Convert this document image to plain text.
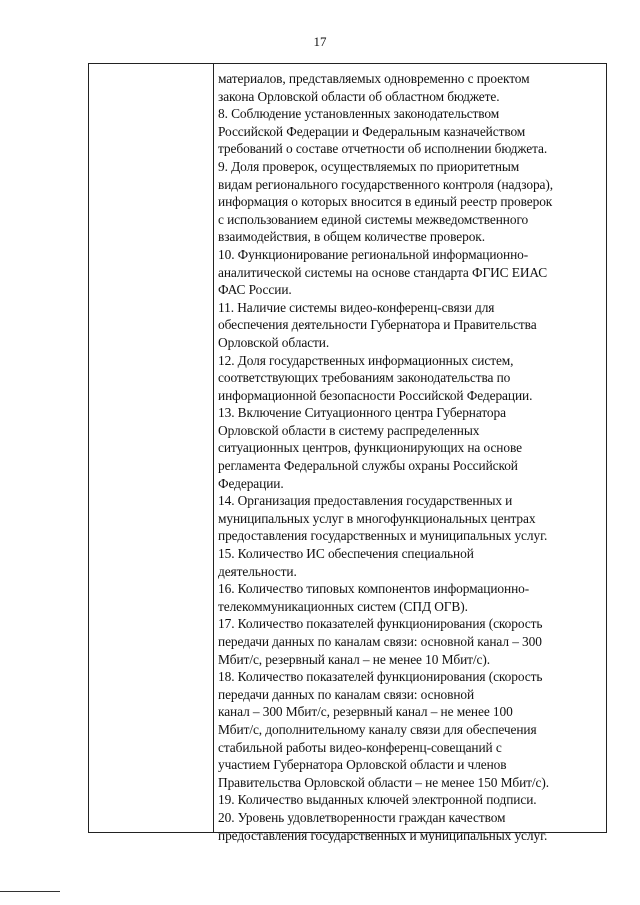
17
материалов, представляемых одновременно с проектом
закона Орловской области об областном бюджете.
8. Соблюдение установленных законодательством
Российской Федерации и Федеральным казначейством
требований о составе отчетности об исполнении бюджета.
9. Доля проверок, осуществляемых по приоритетным
видам регионального государственного контроля (надзора),
информация о которых вносится в единый реестр проверок
с использованием единой системы межведомственного
взаимодействия, в общем количестве проверок.
10. Функционирование региональной информационно-
аналитической системы на основе стандарта ФГИС ЕИАС
ФАС России.
11. Наличие системы видео-конференц-связи для
обеспечения деятельности Губернатора и Правительства
Орловской области.
12. Доля государственных информационных систем,
соответствующих требованиям законодательства по
информационной безопасности Российской Федерации.
13. Включение Ситуационного центра Губернатора
Орловской области в систему распределенных
ситуационных центров, функционирующих на основе
регламента Федеральной службы охраны Российской
Федерации.
14. Организация предоставления государственных и
муниципальных услуг в многофункциональных центрах
предоставления государственных и муниципальных услуг.
15. Количество ИС обеспечения специальной
деятельности.
16. Количество типовых компонентов информационно-
телекоммуникационных систем (СПД ОГВ).
17. Количество показателей функционирования (скорость
передачи данных по каналам связи: основной канал – 300
Мбит/с, резервный канал – не менее 10 Мбит/с).
18. Количество показателей функционирования (скорость
передачи данных по каналам связи: основной
канал – 300 Мбит/с, резервный канал – не менее 100
Мбит/с, дополнительному каналу связи для обеспечения
стабильной работы видео-конференц-совещаний с
участием Губернатора Орловской области и членов
Правительства Орловской области – не менее 150 Мбит/с).
19. Количество выданных ключей электронной подписи.
20. Уровень удовлетворенности граждан качеством
предоставления государственных и муниципальных услуг.
